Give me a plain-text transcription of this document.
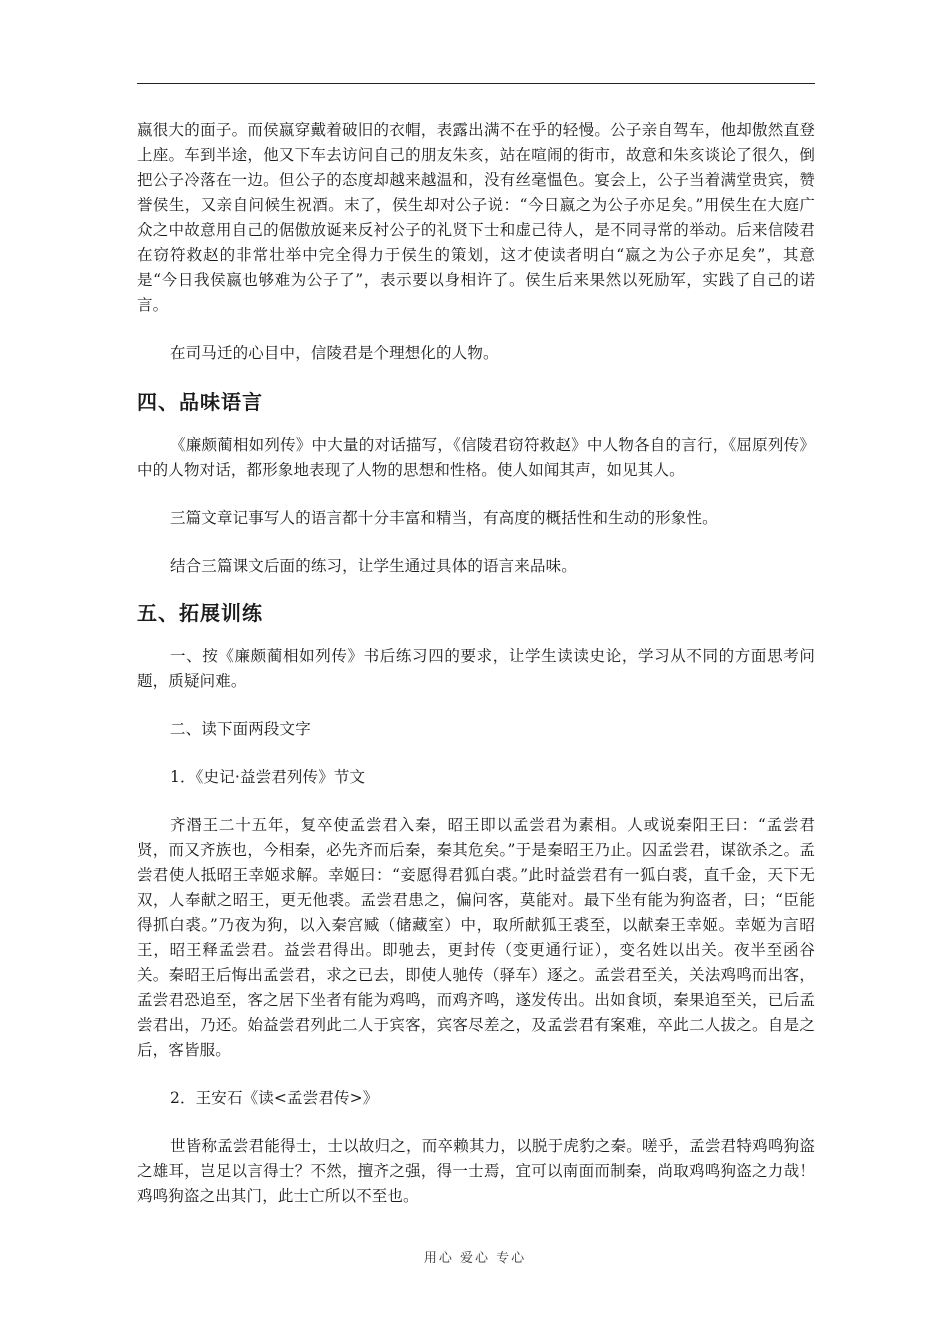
嬴很大的面子。而侯嬴穿戴着破旧的衣帽，表露出满不在乎的轻慢。公子亲自驾车，他却傲然直登上座。车到半途，他又下车去访问自己的朋友朱亥，站在喧闹的街市，故意和朱亥谈论了很久，倒把公子冷落在一边。但公子的态度却越来越温和，没有丝毫愠色。宴会上，公子当着满堂贵宾，赞誉侯生，又亲自问候生祝酒。末了，侯生却对公子说：“今日嬴之为公子亦足矣。”用侯生在大庭广众之中故意用自己的倨傲放诞来反衬公子的礼贤下士和虚己待人，是不同寻常的举动。后来信陵君在窃符救赵的非常壮举中完全得力于侯生的策划，这才使读者明白“嬴之为公子亦足矣”，其意是“今日我侯嬴也够难为公子了”，表示要以身相许了。侯生后来果然以死励军，实践了自己的诺言。

在司马迁的心目中，信陵君是个理想化的人物。

四、品味语言

《廉颇蔺相如列传》中大量的对话描写，《信陵君窃符救赵》中人物各自的言行，《屈原列传》中的人物对话，都形象地表现了人物的思想和性格。使人如闻其声，如见其人。

三篇文章记事写人的语言都十分丰富和精当，有高度的概括性和生动的形象性。

结合三篇课文后面的练习，让学生通过具体的语言来品味。

五、拓展训练

一、按《廉颇蔺相如列传》书后练习四的要求，让学生读读史论，学习从不同的方面思考问题，质疑问难。

二、读下面两段文字

1．《史记·益尝君列传》节文

齐湣王二十五年，复卒使孟尝君入秦，昭王即以孟尝君为素相。人或说秦阳王曰：“孟尝君贤，而又齐族也，今相秦，必先齐而后秦，秦其危矣。”于是秦昭王乃止。囚孟尝君，谋欲杀之。孟尝君使人抵昭王幸姬求解。幸姬曰：“妾愿得君狐白裘。”此时益尝君有一狐白裘，直千金，天下无双，人奉献之昭王，更无他裘。孟尝君患之，偏问客，莫能对。最下坐有能为狗盗者，曰；“臣能得抓白裘。”乃夜为狗，以入秦宫臧（储藏室）中，取所献狐王裘至，以献秦王幸姬。幸姬为言昭王，昭王释孟尝君。益尝君得出。即驰去，更封传（变更通行证），变名姓以出关。夜半至函谷关。秦昭王后悔出孟尝君，求之已去，即使人驰传（驿车）逐之。孟尝君至关，关法鸡鸣而出客，孟尝君恐追至，客之居下坐者有能为鸡鸣，而鸡齐鸣，遂发传出。出如食顷，秦果追至关，已后孟尝君出，乃还。始益尝君列此二人于宾客，宾客尽差之，及孟尝君有案难，卒此二人拔之。自是之后，客皆服。

2．王安石《读<孟尝君传>》

世皆称孟尝君能得士，士以故归之，而卒赖其力，以脱于虎豹之秦。嗟乎，孟尝君特鸡鸣狗盗之雄耳，岂足以言得士？不然，擅齐之强，得一士焉，宜可以南面而制秦，尚取鸡鸣狗盗之力哉！鸡鸣狗盗之出其门，此士亡所以不至也。

用心 爱心 专心
